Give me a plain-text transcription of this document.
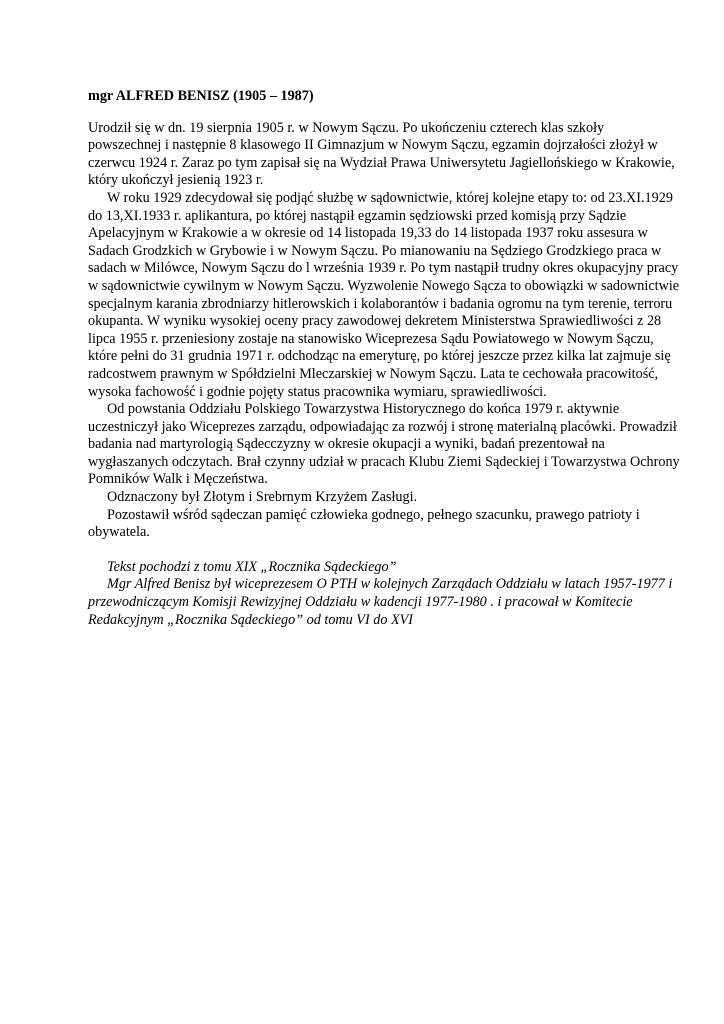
mgr ALFRED BENISZ (1905 – 1987)

Urodził się w dn. 19 sierpnia 1905 r. w Nowym Sączu. Po ukończeniu czterech klas szkoły powszechnej i następnie 8 klasowego II Gimnazjum w Nowym Sączu, egzamin dojrzałości złożył w czerwcu 1924 r. Zaraz po tym zapisał się na Wydział Prawa Uniwersytetu Jagiellońskiego w Krakowie, który ukończył jesienią 1923 r.

W roku 1929 zdecydował się podjąć służbę w sądownictwie, której kolejne etapy to: od 23.XI.1929 do 13,XI.1933 r. aplikantura, po której nastąpił egzamin sędziowski przed komisją przy Sądzie Apelacyjnym w Krakowie a w okresie od 14 listopada 19,33 do 14 listopada 1937 roku assesura w Sadach Grodzkich w Grybowie i w Nowym Sączu. Po mianowaniu na Sędziego Grodzkiego praca w sadach w Milówce, Nowym Sączu do l września 1939 r. Po tym nastąpił trudny okres okupacyjny pracy w sądownictwie cywilnym w Nowym Sączu. Wyzwolenie Nowego Sącza to obowiązki w sadownictwie specjalnym karania zbrodniarzy hitlerowskich i kolaborantów i badania ogromu na tym terenie, terroru okupanta. W wyniku wysokiej oceny pracy zawodowej dekretem Ministerstwa Sprawiedliwości z 28 lipca 1955 r. przeniesiony zostaje na stanowisko Wiceprezesa Sądu Powiatowego w Nowym Sączu, które pełni do 31 grudnia 1971 r. odchodząc na emeryturę, po której jeszcze przez kilka lat zajmuje się radcostwem prawnym w Spółdzielni Mleczarskiej w Nowym Sączu. Lata te cechowała pracowitość, wysoka fachowość i godnie pojęty status pracownika wymiaru, sprawiedliwości.

Od powstania Oddziału Polskiego Towarzystwa Historycznego do końca 1979 r. aktywnie uczestniczył jako Wiceprezes zarządu, odpowiadając za rozwój i stronę materialną placówki. Prowadził badania nad martyrologią Sądecczyzny w okresie okupacji a wyniki, badań prezentował na wygłaszanych odczytach. Brał czynny udział w pracach Klubu Ziemi Sądeckiej i Towarzystwa Ochrony Pomników Walk i Męczeństwa.

Odznaczony był Złotym i Srebrnym Krzyżem Zasługi.

Pozostawił wśród sądeczan pamięć człowieka godnego, pełnego szacunku, prawego patrioty i obywatela.

Tekst pochodzi z tomu XIX „Rocznika Sądeckiego”

Mgr Alfred Benisz był wiceprezesem O PTH w kolejnych Zarządach Oddziału w latach 1957-1977 i przewodniczącym Komisji Rewizyjnej Oddziału w kadencji 1977-1980 . i pracował w Komitecie Redakcyjnym „Rocznika Sądeckiego” od tomu VI do XVI
